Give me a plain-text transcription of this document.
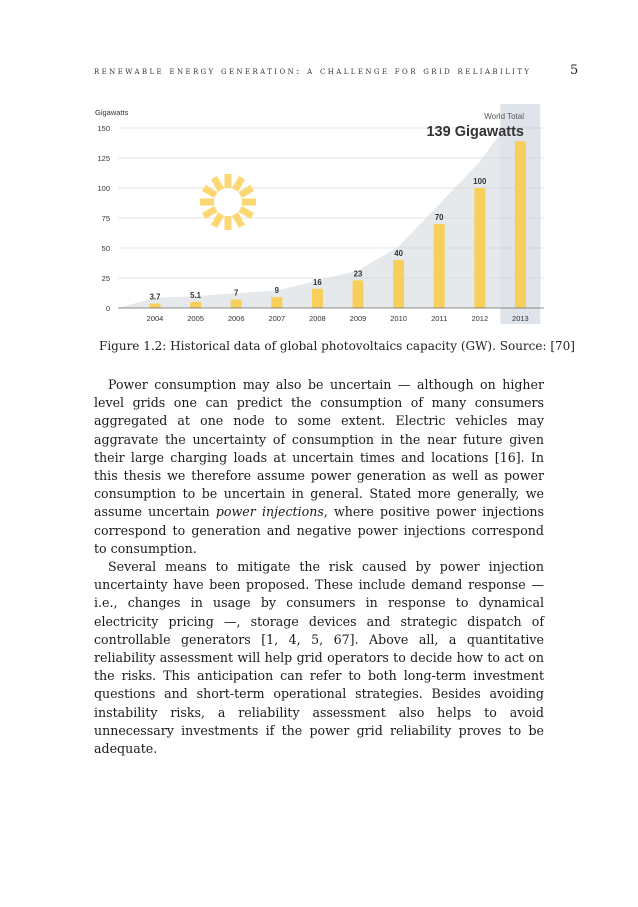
renewable energy generation: a challenge for grid reliability	5
0
25
50
75
100
125
150
Gigawatts
3.7	5.1	7	9
16
23
40
70
100
2004	2005	2006	2007	2008	2009	2010	2011	2012	2013
World Total
139 Gigawatts
Figure 1.2: Historical data of global photovoltaics capacity (GW). Source: [70]

Power consumption may also be uncertain — although on higher level grids one can predict the consumption of many consumers aggregated at one node to some extent. Electric vehicles may aggravate the uncertainty of consumption in the near future given their large charging loads at uncertain times and locations [16]. In this thesis we therefore assume power generation as well as power consumption to be uncertain in general. Stated more generally, we assume uncertain power injections, where positive power injections correspond to generation and negative power injections correspond to consumption.

Several means to mitigate the risk caused by power injection uncertainty have been proposed. These include demand response — i.e., changes in usage by consumers in response to dynamical electricity pricing —, storage devices and strategic dispatch of controllable generators [1, 4, 5, 67]. Above all, a quantitative reliability assessment will help grid operators to decide how to act on the risks. This anticipation can refer to both long-term investment questions and short-term operational strategies. Besides avoiding instability risks, a reliability assessment also helps to avoid unnecessary investments if the power grid reliability proves to be adequate.
